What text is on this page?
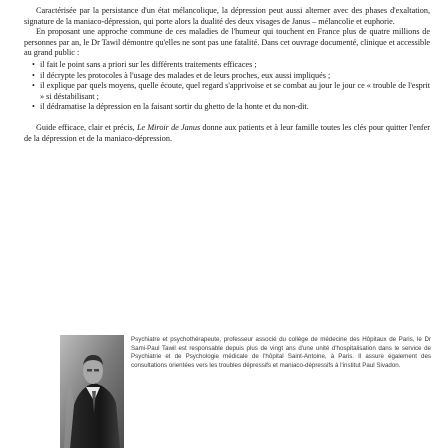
Caractérisée par la persistance d'un état mélancolique, la dépression peut aussi alterner avec des phases d'exaltation, signature de la maniaco-dépression, qui porte alors la dualité des deux visages de Janus – mélancolie et euphorie.

En proposant une approche commune de ces maladies de l'humeur qui touchent en France plus de quatre millions de personnes par an, le Dr Tawil démontre qu'elles ne sont pas une fatalité. Dans cet ouvrage documenté, clinique et accessible au grand public :

• il fait le point sans a priori sur les différents traitements efficaces ;
• il décrypte les protocoles à l'usage des malades et de leurs proches, eux aussi impliqués ;
• il explique par quels moyens, quelle écoute, quel regard s'apprivoise et se combat au jour le jour ce « trouble de l'esprit » si déstabilisant ;
• il dédramatise la dépression en la faisant sortir du ghetto de la honte et du non-dit.

Guide efficace, clair et précis, Le Miroir de Janus donne aux patients et à leur famille toutes les clés pour quitter l'enfer de la dépression et de la maniaco-dépression.

Psychiatre et psychothérapeute, professeur associé du collège de médecine des Hôpitaux de Paris, le Dr Sami-Paul Tawil est responsable depuis plus de vingt ans d'une unité d'hospitalisation dans le service de Psychiatrie et de Psychologie médicale de l'hôpital Saint-Antoine, à Paris. Il assure également des consultations orientées vers les troubles dépressifs et maniaco-dépressifs à l'institut Paul Sivadon.
